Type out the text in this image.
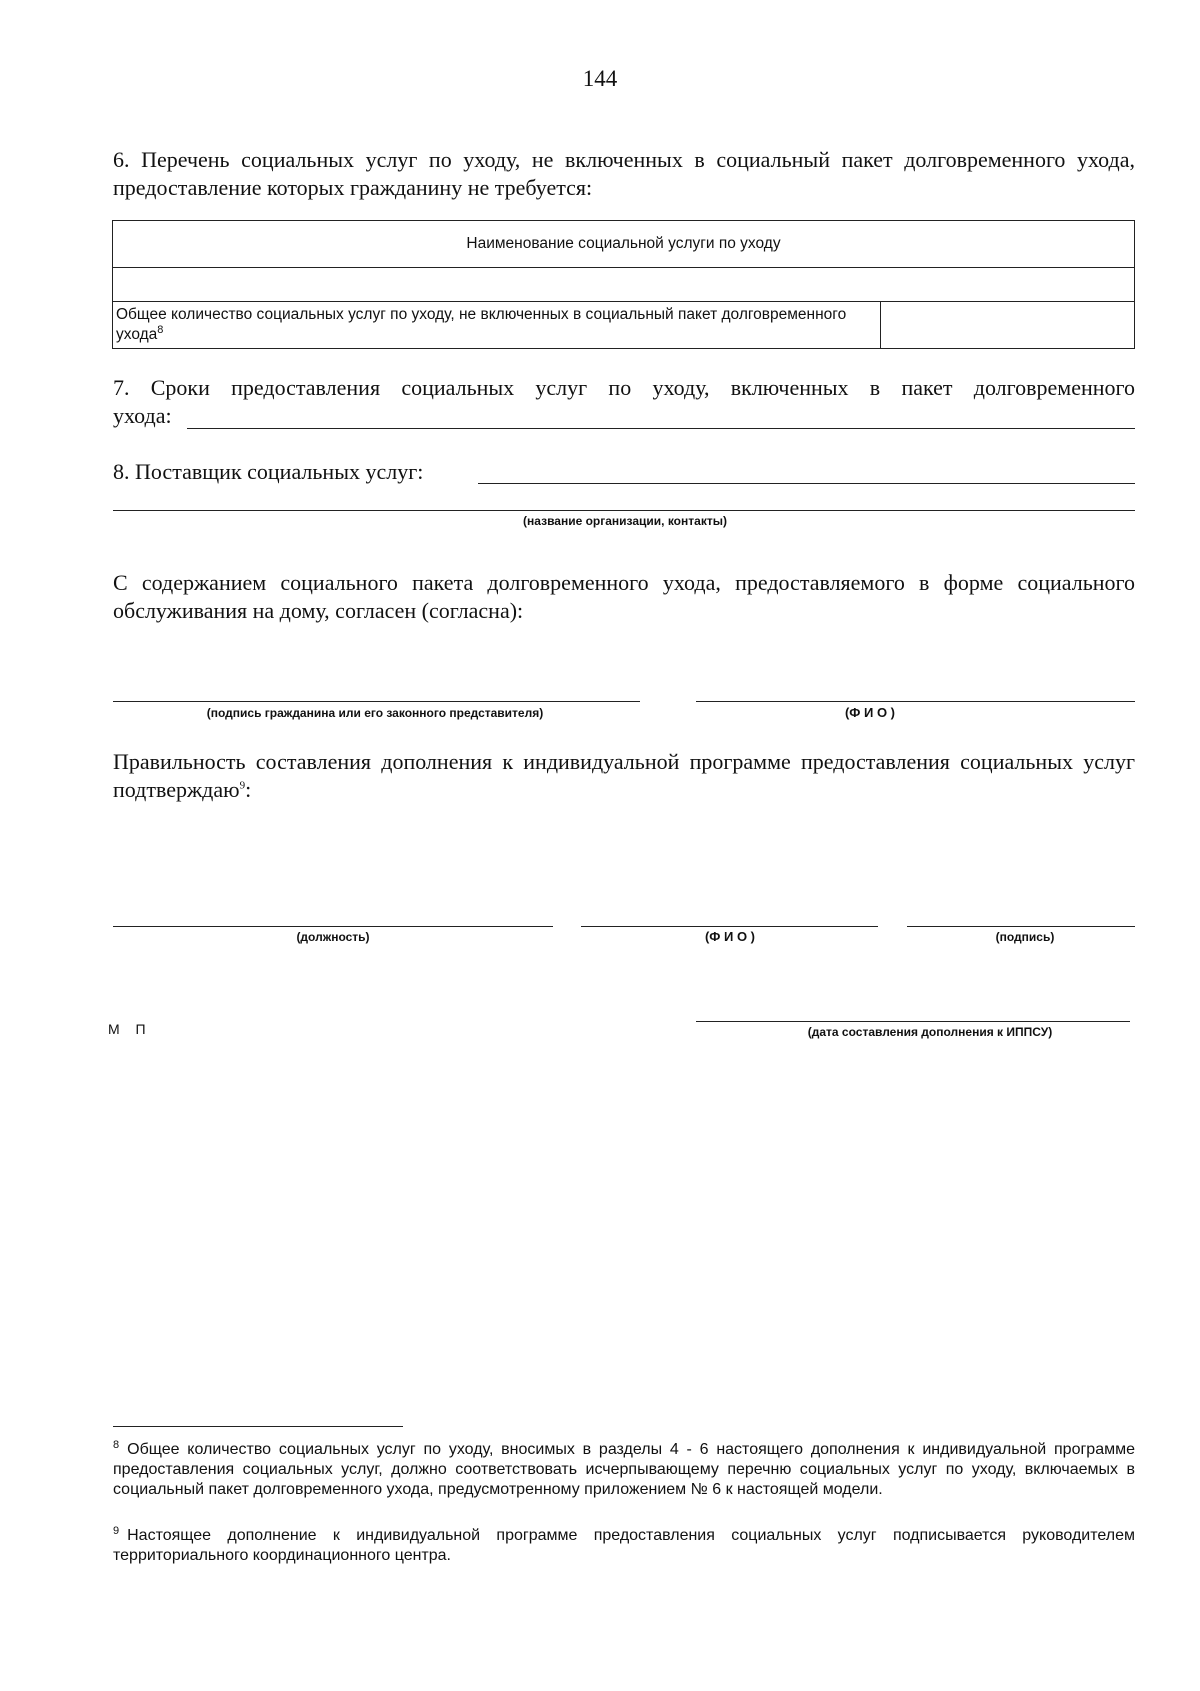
144
6. Перечень социальных услуг по уходу, не включенных в социальный пакет долговременного ухода, предоставление которых гражданину не требуется:
Наименование социальной услуги по уходу

Общее количество социальных услуг по уходу, не включенных в социальный пакет долговременного ухода$^8$	
7. Сроки предоставления социальных услуг по уходу, включенных в пакет долговременного
ухода:
8. Поставщик социальных услуг:
(название организации, контакты)
С содержанием социального пакета долговременного ухода, предоставляемого в форме социального обслуживания на дому, согласен (согласна):
(подпись гражданина или его законного представителя)	(Ф И О )
Правильность составления дополнения к индивидуальной программе предоставления социальных услуг подтверждаю$^9$:
(должность)	(Ф И О )	(подпись)
М П	(дата составления дополнения к ИППСУ)
$^8$ Общее количество социальных услуг по уходу, вносимых в разделы 4 - 6 настоящего дополнения к индивидуальной программе предоставления социальных услуг, должно соответствовать исчерпывающему перечню социальных услуг по уходу, включаемых в социальный пакет долговременного ухода, предусмотренному приложением № 6 к настоящей модели.
$^9$ Настоящее дополнение к индивидуальной программе предоставления социальных услуг подписывается руководителем территориального координационного центра.
